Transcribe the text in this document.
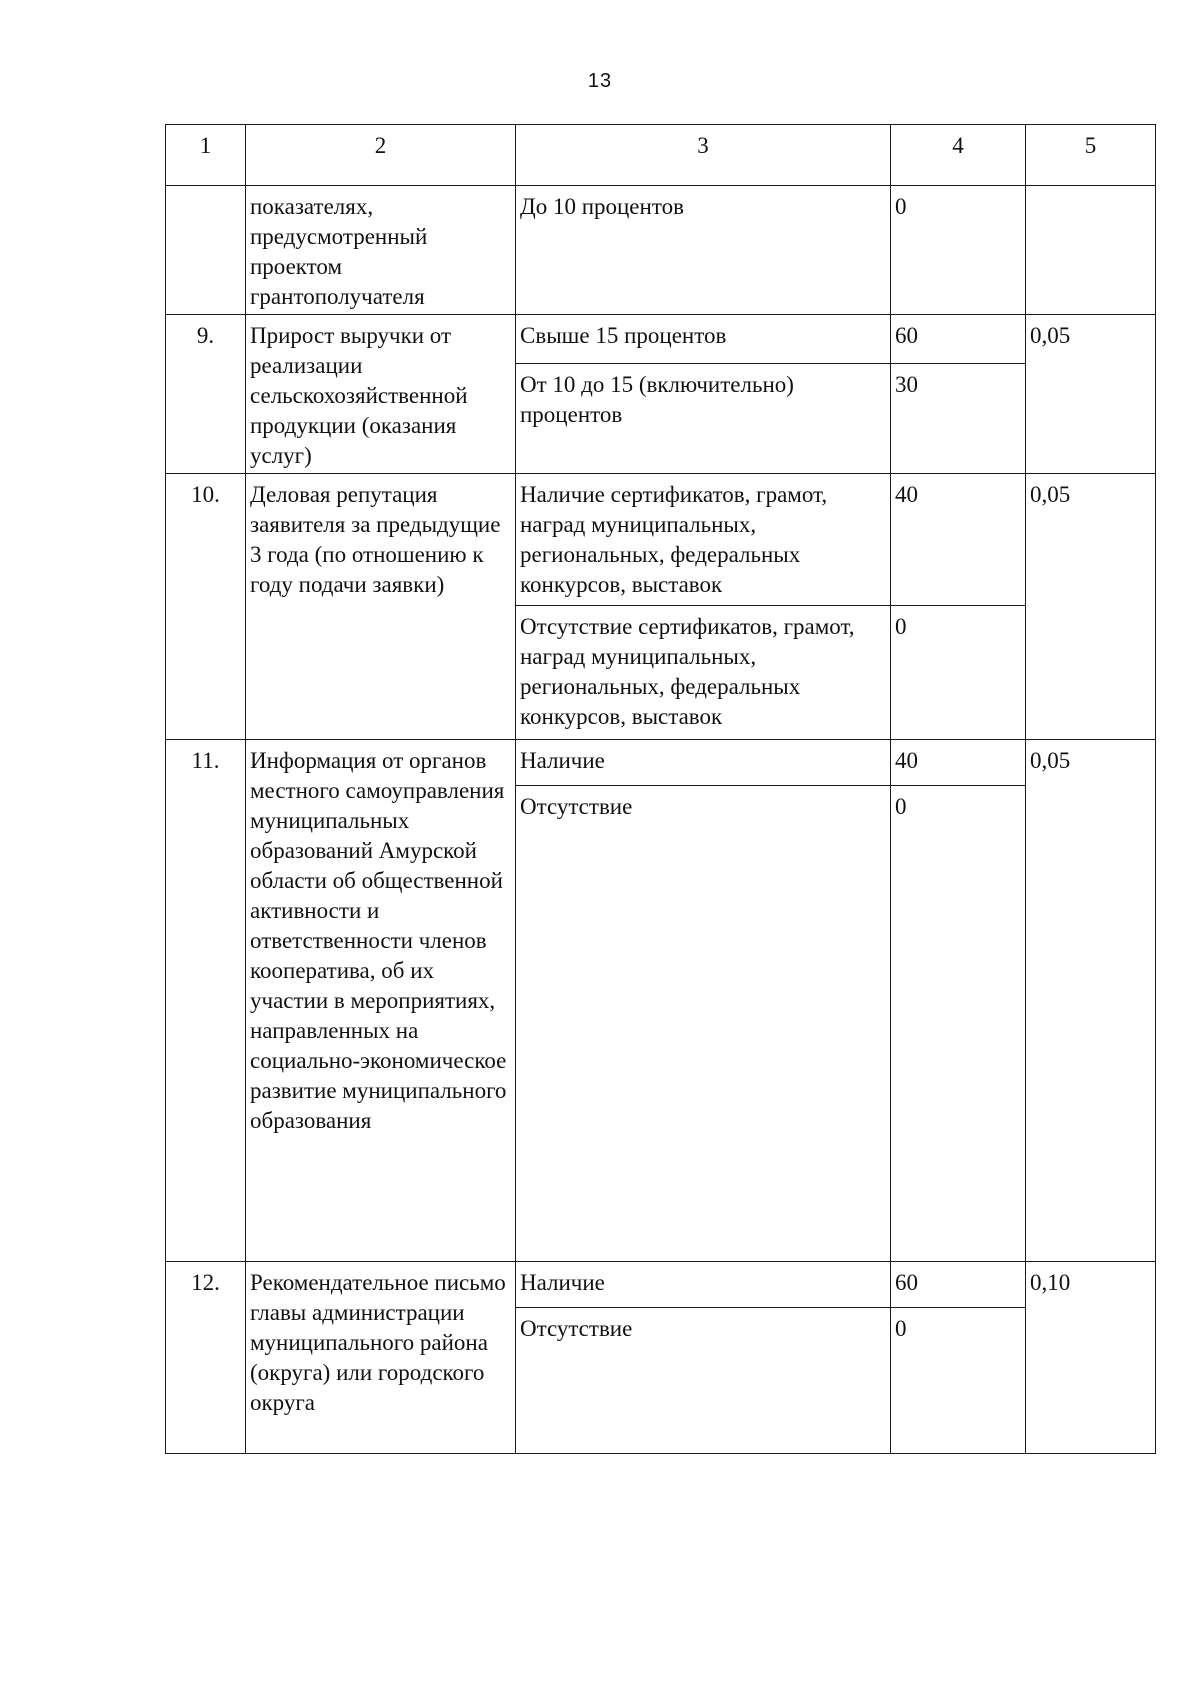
13
1	2	3	4	5
	показателях, предусмотренный проектом грантополучателя	До 10 процентов	0	
9.	Прирост выручки от реализации сельскохозяйственной продукции (оказания услуг)	Свыше 15 процентов	60	0,05
		От 10 до 15 (включительно) процентов	30	
10.	Деловая репутация заявителя за предыдущие 3 года (по отношению к году подачи заявки)	Наличие сертификатов, грамот, наград муниципальных, региональных, федеральных конкурсов, выставок	40	0,05
		Отсутствие сертификатов, грамот, наград муниципальных, региональных, федеральных конкурсов, выставок	0	
11.	Информация от органов местного самоуправления муниципальных образований Амурской области об общественной активности и ответственности членов кооператива, об их участии в мероприятиях, направленных на социально-экономическое развитие муниципального образования	Наличие	40	0,05
		Отсутствие	0	
12.	Рекомендательное письмо главы администрации муниципального района (округа) или городского округа	Наличие	60	0,10
		Отсутствие	0	
